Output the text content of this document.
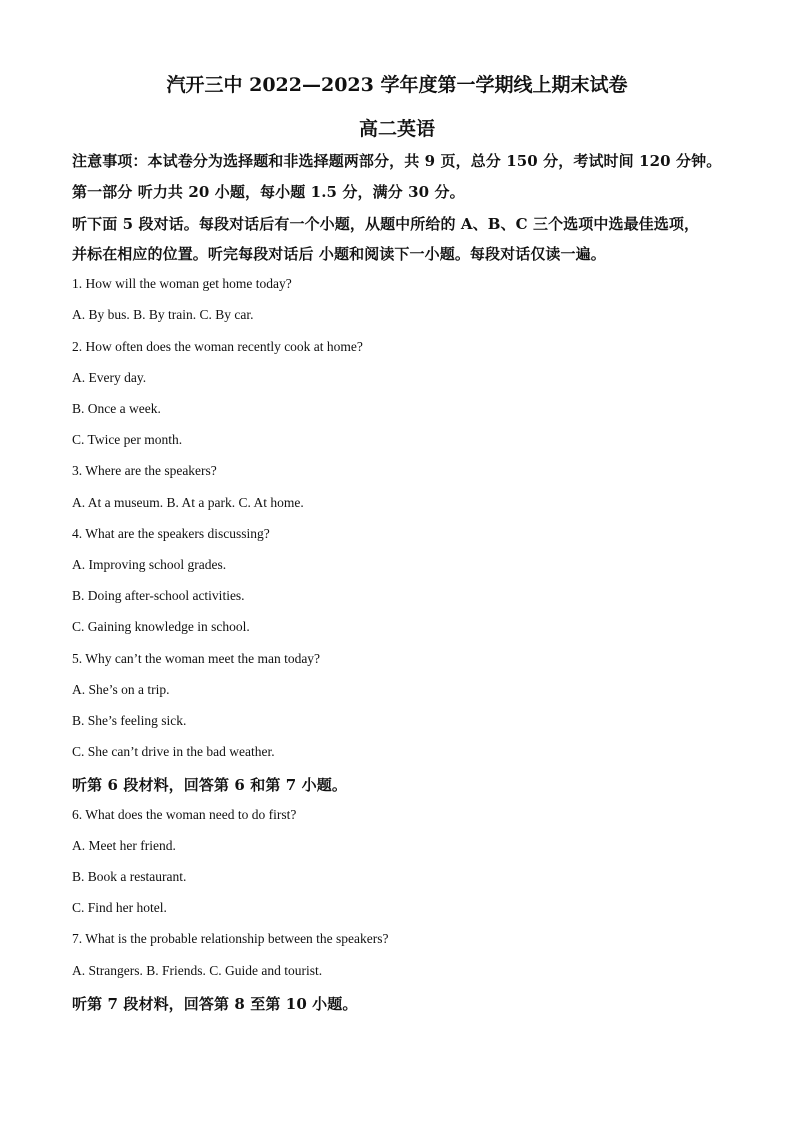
汽开三中 2022—2023 学年度第一学期线上期末试卷
高二英语
注意事项：本试卷分为选择题和非选择题两部分，共 9 页，总分 150 分，考试时间 120 分钟。
第一部分 听力共 20 小题，每小题 1.5 分，满分 30 分。
听下面 5 段对话。每段对话后有一个小题，从题中所给的 A、B、C 三个选项中选最佳选项，
并标在相应的位置。听完每段对话后 小题和阅读下一小题。每段对话仅读一遍。
1. How will the woman get home today?
A. By bus. B. By train. C. By car.
2. How often does the woman recently cook at home?
A. Every day.
B. Once a week.
C. Twice per month.
3. Where are the speakers?
A. At a museum. B. At a park. C. At home.
4. What are the speakers discussing?
A. Improving school grades.
B. Doing after-school activities.
C. Gaining knowledge in school.
5. Why can’t the woman meet the man today?
A. She’s on a trip.
B. She’s feeling sick.
C. She can’t drive in the bad weather.
听第 6 段材料，回答第 6 和第 7 小题。
6. What does the woman need to do first?
A. Meet her friend.
B. Book a restaurant.
C. Find her hotel.
7. What is the probable relationship between the speakers?
A. Strangers. B. Friends. C. Guide and tourist.
听第 7 段材料，回答第 8 至第 10 小题。
